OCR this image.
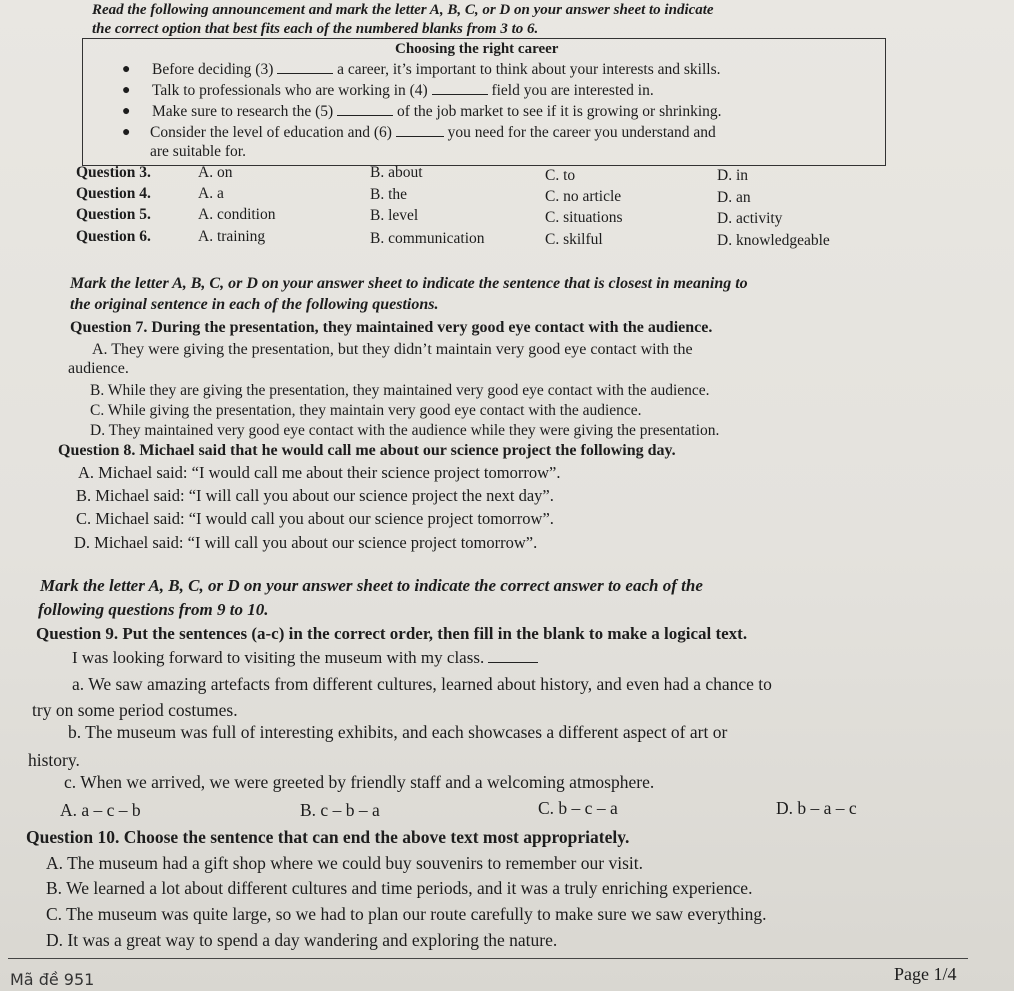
Read the following announcement and mark the letter A, B, C, or D on your answer sheet to indicate
the correct option that best fits each of the numbered blanks from 3 to 6.
Choosing the right career
● Before deciding (3)	a career, it’s important to think about your interests and skills.
● Talk to professionals who are working in (4)	field you are interested in.
● Make sure to research the (5)	of the job market to see if it is growing or shrinking.
● Consider the level of education and (6)	you need for the career you understand and
are suitable for.
Question 3.	A. on	B. about	C. to	D. in
Question 4.	A. a	B. the	C. no article	D. an
Question 5.	A. condition	B. level	C. situations	D. activity
Question 6.	A. training	B. communication	C. skilful	D. knowledgeable
Mark the letter A, B, C, or D on your answer sheet to indicate the sentence that is closest in meaning to
the original sentence in each of the following questions.
Question 7. During the presentation, they maintained very good eye contact with the audience.
A. They were giving the presentation, but they didn’t maintain very good eye contact with the
audience.
B. While they are giving the presentation, they maintained very good eye contact with the audience.
C. While giving the presentation, they maintain very good eye contact with the audience.
D. They maintained very good eye contact with the audience while they were giving the presentation.
Question 8. Michael said that he would call me about our science project the following day.
A. Michael said: “I would call me about their science project tomorrow”.
B. Michael said: “I will call you about our science project the next day”.
C. Michael said: “I would call you about our science project tomorrow”.
D. Michael said: “I will call you about our science project tomorrow”.
Mark the letter A, B, C, or D on your answer sheet to indicate the correct answer to each of the
following questions from 9 to 10.
Question 9. Put the sentences (a-c) in the correct order, then fill in the blank to make a logical text.
I was looking forward to visiting the museum with my class.
a. We saw amazing artefacts from different cultures, learned about history, and even had a chance to
try on some period costumes.
b. The museum was full of interesting exhibits, and each showcases a different aspect of art or
history.
c. When we arrived, we were greeted by friendly staff and a welcoming atmosphere.
A. a – c – b	B. c – b – a	C. b – c – a	D. b – a – c
Question 10. Choose the sentence that can end the above text most appropriately.
A. The museum had a gift shop where we could buy souvenirs to remember our visit.
B. We learned a lot about different cultures and time periods, and it was a truly enriching experience.
C. The museum was quite large, so we had to plan our route carefully to make sure we saw everything.
D. It was a great way to spend a day wandering and exploring the nature.
Mã đề 951	Page 1/4
